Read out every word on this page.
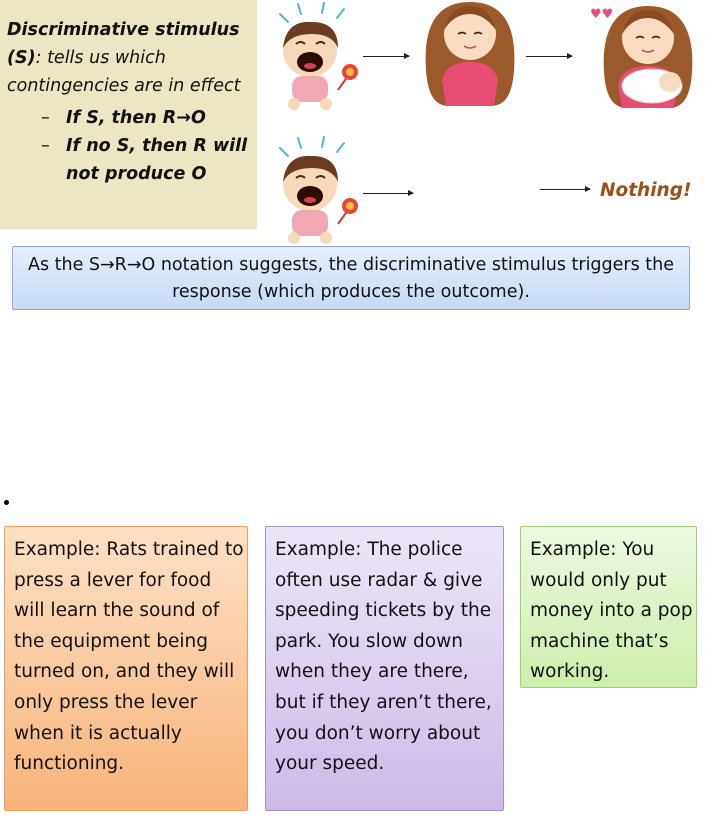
Discriminative stimulus (S): tells us which contingencies are in effect
– If S, then R→O
– If no S, then R will not produce O
♥♥
Nothing!
As the S→R→O notation suggests, the discriminative stimulus triggers the response (which produces the outcome).
Example: Rats trained to press a lever for food will learn the sound of the equipment being turned on, and they will only press the lever when it is actually functioning.
Example: The police often use radar & give speeding tickets by the park. You slow down when they are there, but if they aren’t there, you don’t worry about your speed.
Example: You would only put money into a pop machine that’s working.
